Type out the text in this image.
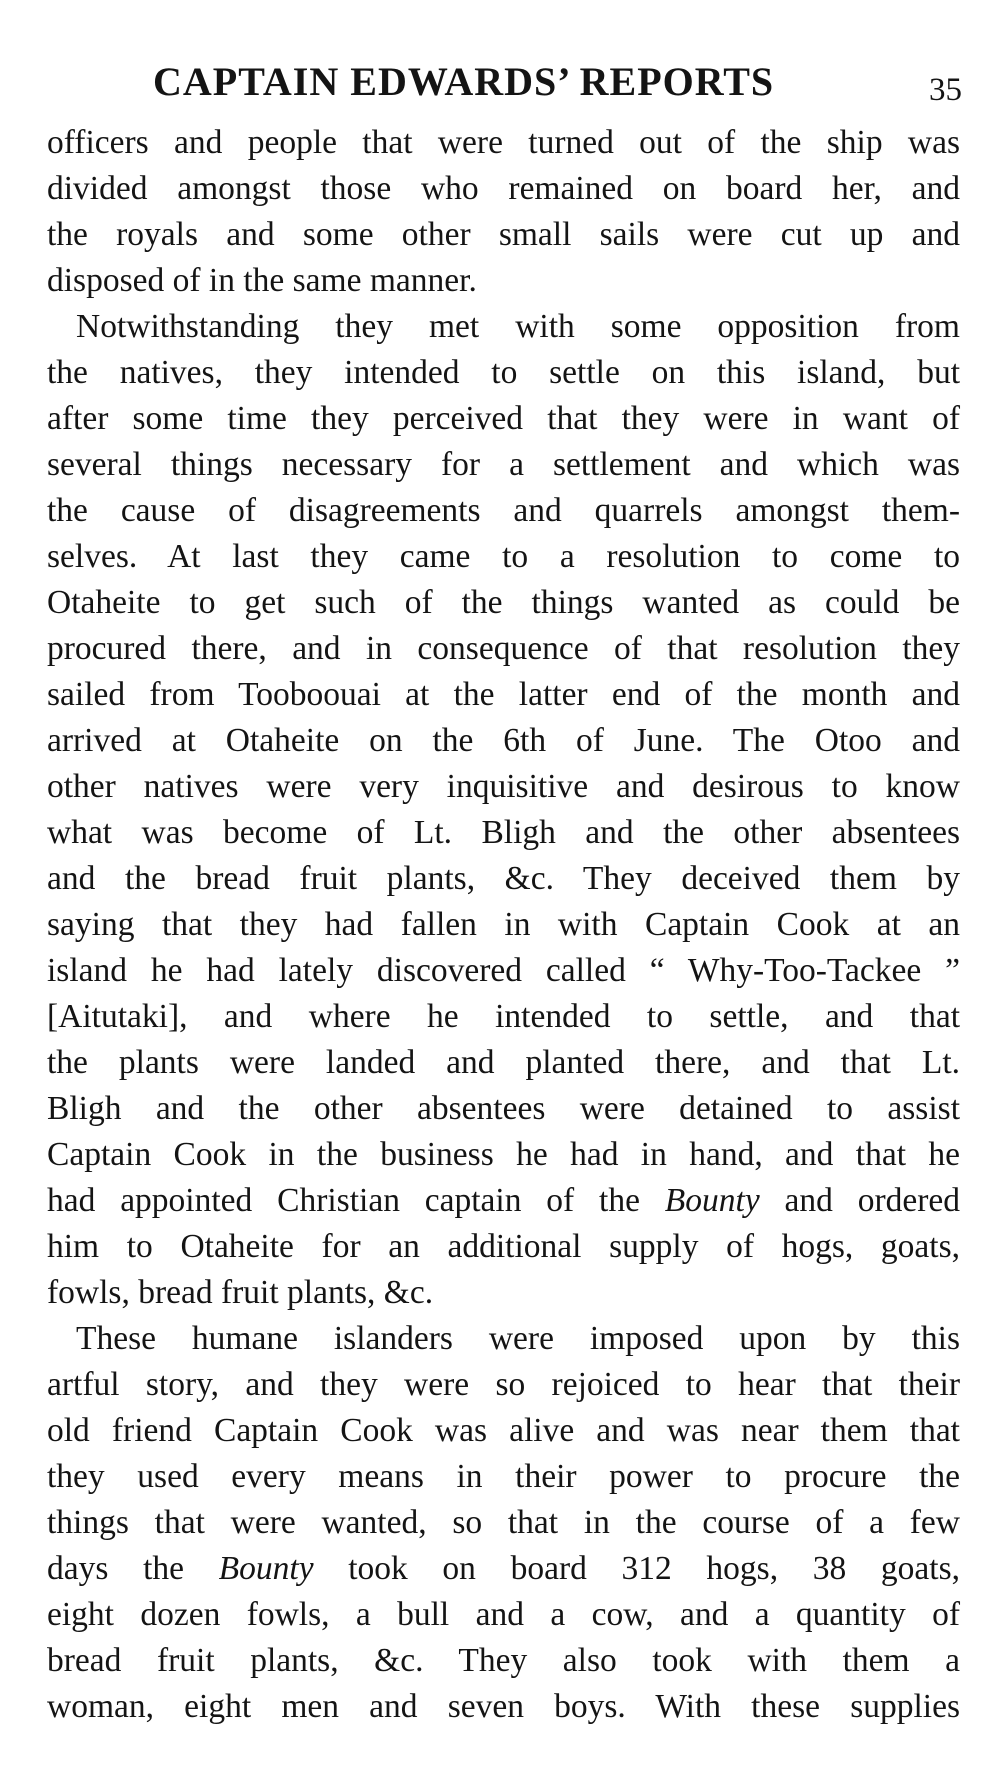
CAPTAIN EDWARDS’ REPORTS	35
officers and people that were turned out of the ship was
divided amongst those who remained on board her, and
the royals and some other small sails were cut up and
disposed of in the same manner.
Notwithstanding they met with some opposition from
the natives, they intended to settle on this island, but
after some time they perceived that they were in want of
several things necessary for a settlement and which was
the cause of disagreements and quarrels amongst them-
selves. At last they came to a resolution to come to
Otaheite to get such of the things wanted as could be
procured there, and in consequence of that resolution they
sailed from Tooboouai at the latter end of the month and
arrived at Otaheite on the 6th of June. The Otoo and
other natives were very inquisitive and desirous to know
what was become of Lt. Bligh and the other absentees
and the bread fruit plants, &c. They deceived them by
saying that they had fallen in with Captain Cook at an
island he had lately discovered called “ Why-Too-Tackee ”
[Aitutaki], and where he intended to settle, and that
the plants were landed and planted there, and that Lt.
Bligh and the other absentees were detained to assist
Captain Cook in the business he had in hand, and that he
had appointed Christian captain of the Bounty and ordered
him to Otaheite for an additional supply of hogs, goats,
fowls, bread fruit plants, &c.
These humane islanders were imposed upon by this
artful story, and they were so rejoiced to hear that their
old friend Captain Cook was alive and was near them that
they used every means in their power to procure the
things that were wanted, so that in the course of a few
days the Bounty took on board 312 hogs, 38 goats,
eight dozen fowls, a bull and a cow, and a quantity of
bread fruit plants, &c. They also took with them a
woman, eight men and seven boys. With these supplies
